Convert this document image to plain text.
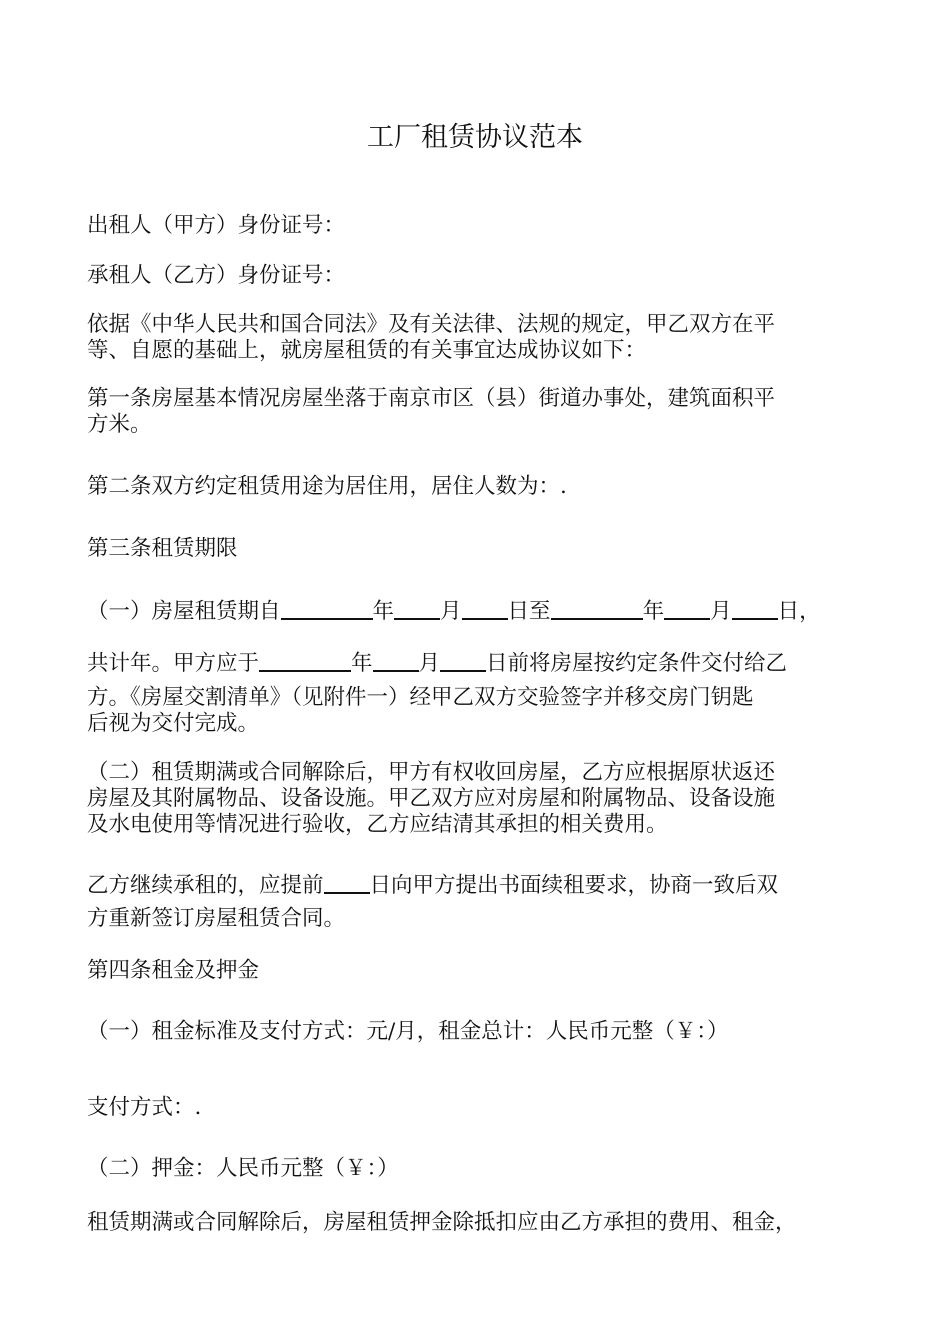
工厂租赁协议范本
出租人（甲方）身份证号：
承租人（乙方）身份证号：
依据《中华人民共和国合同法》及有关法律、法规的规定，甲乙双方在平
等、自愿的基础上，就房屋租赁的有关事宜达成协议如下：
第一条房屋基本情况房屋坐落于南京市区（县）街道办事处，建筑面积平
方米。
第二条双方约定租赁用途为居住用，居住人数为：.
第三条租赁期限
（一）房屋租赁期自	年 月 日至	年 月 日，
共计年。甲方应于	年 月 日前将房屋按约定条件交付给乙
方。《房屋交割清单》（见附件一）经甲乙双方交验签字并移交房门钥匙
后视为交付完成。
（二）租赁期满或合同解除后，甲方有权收回房屋，乙方应根据原状返还
房屋及其附属物品、设备设施。甲乙双方应对房屋和附属物品、设备设施
及水电使用等情况进行验收，乙方应结清其承担的相关费用。
乙方继续承租的，应提前 日向甲方提出书面续租要求，协商一致后双
方重新签订房屋租赁合同。
第四条租金及押金
（一）租金标准及支付方式：元/月，租金总计：人民币元整（￥：）
支付方式：.
（二）押金：人民币元整（￥：）
租赁期满或合同解除后，房屋租赁押金除抵扣应由乙方承担的费用、租金，
